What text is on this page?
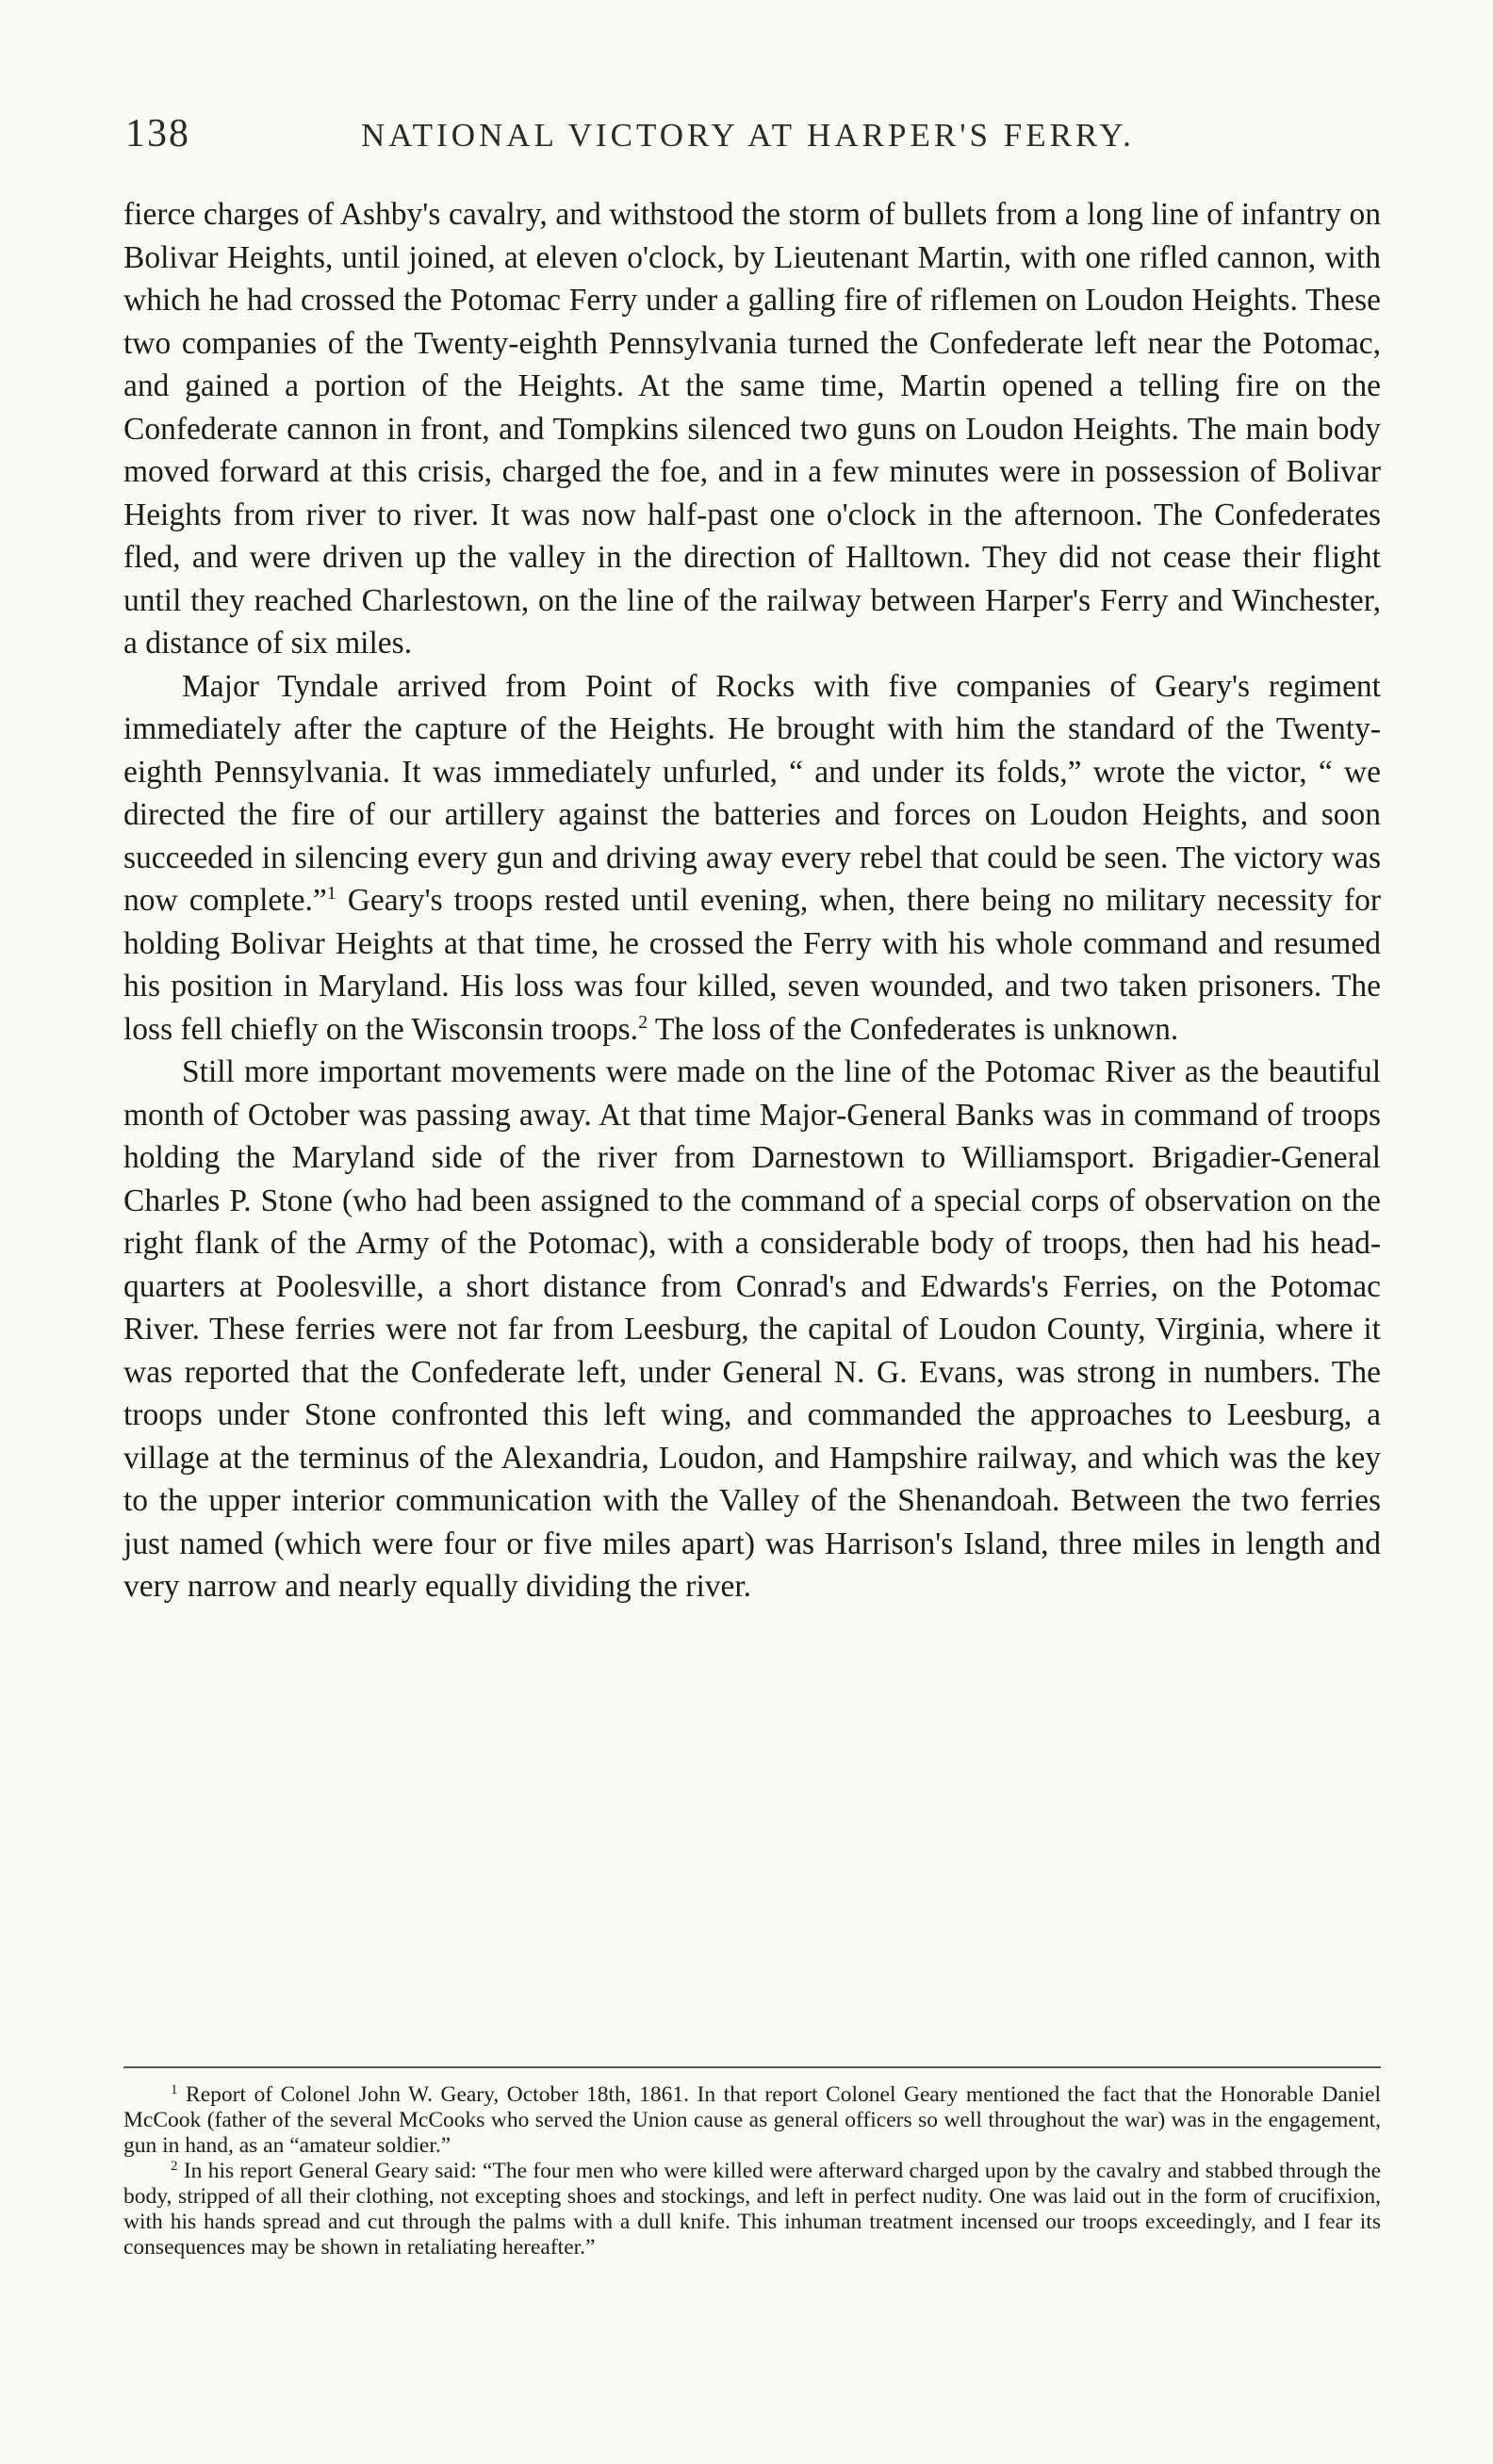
138	NATIONAL VICTORY AT HARPER'S FERRY.

fierce charges of Ashby's cavalry, and withstood the storm of bullets from a long line of infantry on Bolivar Heights, until joined, at eleven o'clock, by Lieutenant Martin, with one rifled cannon, with which he had crossed the Potomac Ferry under a galling fire of riflemen on Loudon Heights. These two companies of the Twenty-eighth Pennsylvania turned the Confederate left near the Potomac, and gained a portion of the Heights. At the same time, Martin opened a telling fire on the Confederate cannon in front, and Tompkins silenced two guns on Loudon Heights. The main body moved forward at this crisis, charged the foe, and in a few minutes were in possession of Bolivar Heights from river to river. It was now half-past one o'clock in the afternoon. The Confederates fled, and were driven up the valley in the direction of Halltown. They did not cease their flight until they reached Charlestown, on the line of the railway between Harper's Ferry and Winchester, a distance of six miles.

Major Tyndale arrived from Point of Rocks with five companies of Geary's regiment immediately after the capture of the Heights. He brought with him the standard of the Twenty-eighth Pennsylvania. It was immediately unfurled, “ and under its folds,” wrote the victor, “ we directed the fire of our artillery against the batteries and forces on Loudon Heights, and soon succeeded in silencing every gun and driving away every rebel that could be seen. The victory was now complete.”$^1$ Geary's troops rested until evening, when, there being no military necessity for holding Bolivar Heights at that time, he crossed the Ferry with his whole command and resumed his position in Maryland. His loss was four killed, seven wounded, and two taken prisoners. The loss fell chiefly on the Wisconsin troops.$^2$ The loss of the Confederates is unknown.

Still more important movements were made on the line of the Potomac River as the beautiful month of October was passing away. At that time Major-General Banks was in command of troops holding the Maryland side of the river from Darnestown to Williamsport. Brigadier-General Charles P. Stone (who had been assigned to the command of a special corps of observation on the right flank of the Army of the Potomac), with a considerable body of troops, then had his head-quarters at Poolesville, a short distance from Conrad's and Edwards's Ferries, on the Potomac River. These ferries were not far from Leesburg, the capital of Loudon County, Virginia, where it was reported that the Confederate left, under General N. G. Evans, was strong in numbers. The troops under Stone confronted this left wing, and commanded the approaches to Leesburg, a village at the terminus of the Alexandria, Loudon, and Hampshire railway, and which was the key to the upper interior communication with the Valley of the Shenandoah. Between the two ferries just named (which were four or five miles apart) was Harrison's Island, three miles in length and very narrow and nearly equally dividing the river.

$^1$ Report of Colonel John W. Geary, October 18th, 1861. In that report Colonel Geary mentioned the fact that the Honorable Daniel McCook (father of the several McCooks who served the Union cause as general officers so well throughout the war) was in the engagement, gun in hand, as an “amateur soldier.”

$^2$ In his report General Geary said: “The four men who were killed were afterward charged upon by the cavalry and stabbed through the body, stripped of all their clothing, not excepting shoes and stockings, and left in perfect nudity. One was laid out in the form of crucifixion, with his hands spread and cut through the palms with a dull knife. This inhuman treatment incensed our troops exceedingly, and I fear its consequences may be shown in retaliating hereafter.”
